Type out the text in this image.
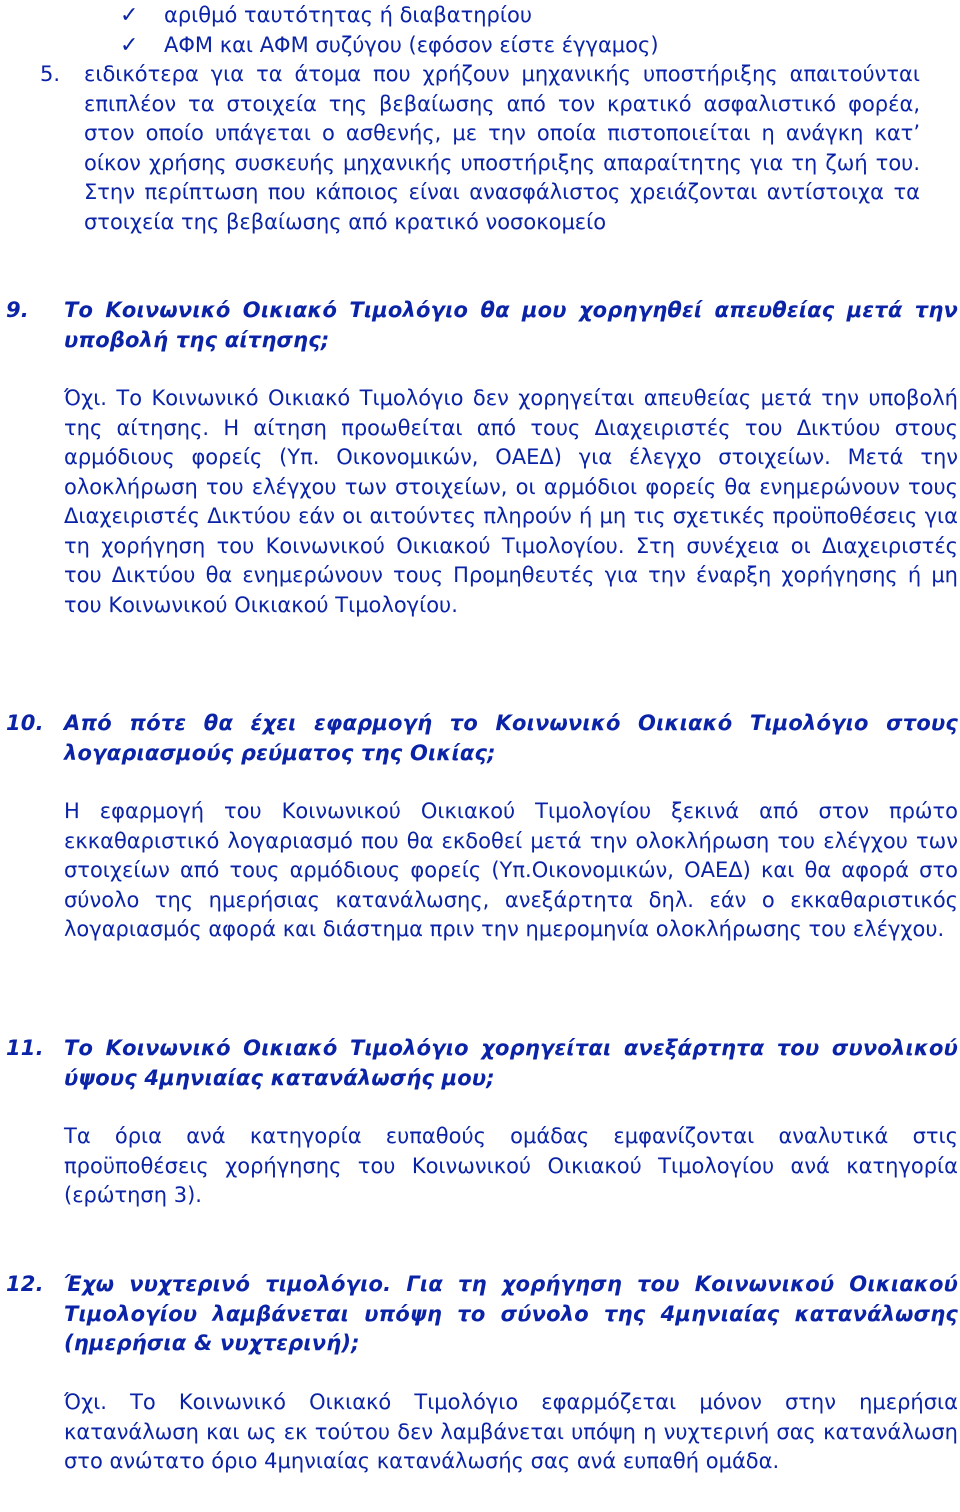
✓	αριθμό ταυτότητας ή διαβατηρίου
✓	ΑΦΜ και ΑΦΜ συζύγου (εφόσον είστε έγγαμος)
5. ειδικότερα για τα άτομα που χρήζουν μηχανικής υποστήριξης απαιτούνται επιπλέον τα στοιχεία της βεβαίωσης από τον κρατικό ασφαλιστικό φορέα, στον οποίο υπάγεται ο ασθενής, με την οποία πιστοποιείται η ανάγκη κατ’ οίκον χρήσης συσκευής μηχανικής υποστήριξης απαραίτητης για τη ζωή του. Στην περίπτωση που κάποιος είναι ανασφάλιστος χρειάζονται αντίστοιχα τα στοιχεία της βεβαίωσης από κρατικό νοσοκομείο
9. Το Κοινωνικό Οικιακό Τιμολόγιο θα μου χορηγηθεί απευθείας μετά την υποβολή της αίτησης;

Όχι. Το Κοινωνικό Οικιακό Τιμολόγιο δεν χορηγείται απευθείας μετά την υποβολή της αίτησης. Η αίτηση προωθείται από τους Διαχειριστές του Δικτύου στους αρμόδιους φορείς (Υπ. Οικονομικών, ΟΑΕΔ) για έλεγχο στοιχείων. Μετά την ολοκλήρωση του ελέγχου των στοιχείων, οι αρμόδιοι φορείς θα ενημερώνουν τους Διαχειριστές Δικτύου εάν οι αιτούντες πληρούν ή μη τις σχετικές προϋποθέσεις για τη χορήγηση του Κοινωνικού Οικιακού Τιμολογίου. Στη συνέχεια οι Διαχειριστές του Δικτύου θα ενημερώνουν τους Προμηθευτές για την έναρξη χορήγησης ή μη του Κοινωνικού Οικιακού Τιμολογίου.

10. Από πότε θα έχει εφαρμογή το Κοινωνικό Οικιακό Τιμολόγιο στους λογαριασμούς ρεύματος της Οικίας;

Η εφαρμογή του Κοινωνικού Οικιακού Τιμολογίου ξεκινά από στον πρώτο εκκαθαριστικό λογαριασμό που θα εκδοθεί μετά την ολοκλήρωση του ελέγχου των στοιχείων από τους αρμόδιους φορείς (Υπ.Οικονομικών, ΟΑΕΔ) και θα αφορά στο σύνολο της ημερήσιας κατανάλωσης, ανεξάρτητα δηλ. εάν ο εκκαθαριστικός λογαριασμός αφορά και διάστημα πριν την ημερομηνία ολοκλήρωσης του ελέγχου.

11. Το Κοινωνικό Οικιακό Τιμολόγιο χορηγείται ανεξάρτητα του συνολικού ύψους 4μηνιαίας κατανάλωσής μου;

Τα όρια ανά κατηγορία ευπαθούς ομάδας εμφανίζονται αναλυτικά στις προϋποθέσεις χορήγησης του Κοινωνικού Οικιακού Τιμολογίου ανά κατηγορία (ερώτηση 3).

12. Έχω νυχτερινό τιμολόγιο. Για τη χορήγηση του Κοινωνικού Οικιακού Τιμολογίου λαμβάνεται υπόψη το σύνολο της 4μηνιαίας κατανάλωσης (ημερήσια & νυχτερινή);

Όχι. Το Κοινωνικό Οικιακό Τιμολόγιο εφαρμόζεται μόνον στην ημερήσια κατανάλωση και ως εκ τούτου δεν λαμβάνεται υπόψη η νυχτερινή σας κατανάλωση στο ανώτατο όριο 4μηνιαίας κατανάλωσής σας ανά ευπαθή ομάδα.
